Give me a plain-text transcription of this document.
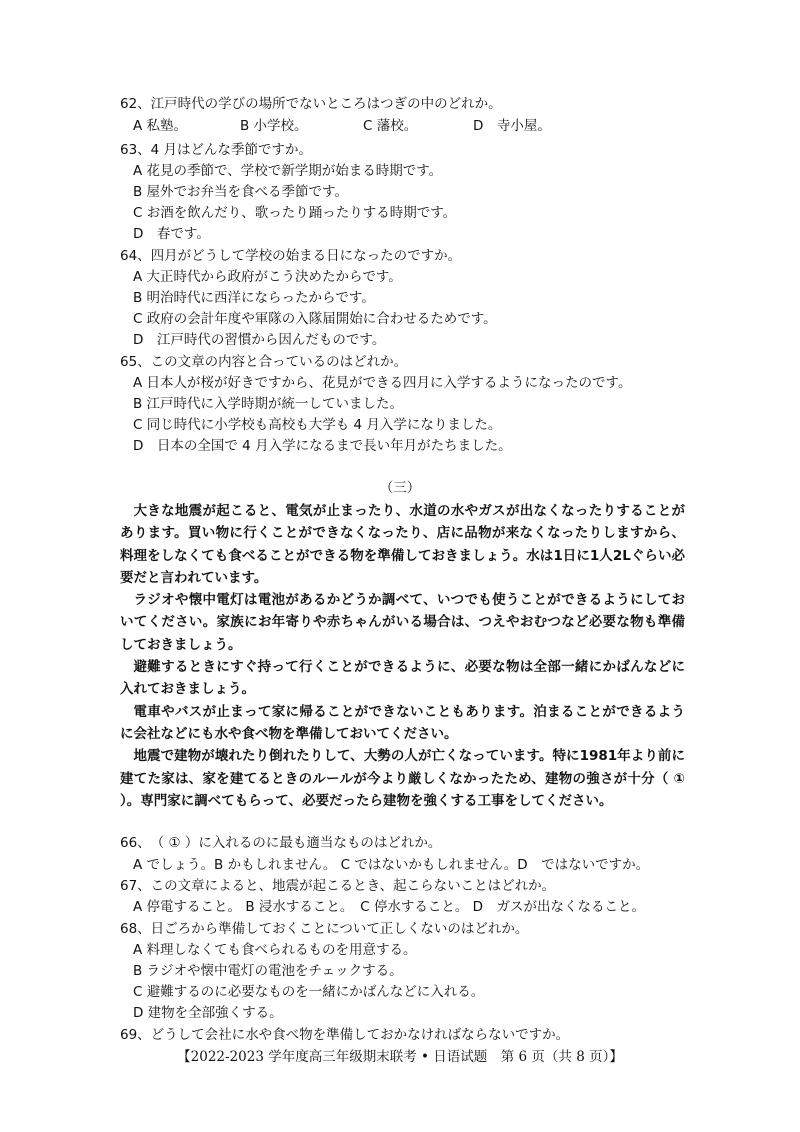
62、江戸時代の学びの場所でないところはつぎの中のどれか。
A 私塾。	B 小学校。	C 藩校。	D　寺小屋。
63、4 月はどんな季節ですか。
A 花見の季節で、学校で新学期が始まる時期です。
B 屋外でお弁当を食べる季節です。
C お酒を飲んだり、歌ったり踊ったりする時期です。
D　春です。
64、四月がどうして学校の始まる日になったのですか。
A 大正時代から政府がこう決めたからです。
B 明治時代に西洋にならったからです。
C 政府の会計年度や軍隊の入隊届開始に合わせるためです。
D　江戸時代の習慣から因んだものです。
65、この文章の内容と合っているのはどれか。
A 日本人が桜が好きですから、花見ができる四月に入学するようになったのです。
B 江戸時代に入学時期が統一していました。
C 同じ時代に小学校も高校も大学も 4 月入学になりました。
D　日本の全国で 4 月入学になるまで長い年月がたちました。
（三）

大きな地震が起こると、電気が止まったり、水道の水やガスが出なくなったりすることがあります。買い物に行くことができなくなったり、店に品物が来なくなったりしますから、料理をしなくても食べることができる物を準備しておきましょう。水は1日に1人2Lぐらい必要だと言われています。

ラジオや懐中電灯は電池があるかどうか調べて、いつでも使うことができるようにしておいてください。家族にお年寄りや赤ちゃんがいる場合は、つえやおむつなど必要な物も準備しておきましょう。

避難するときにすぐ持って行くことができるように、必要な物は全部一緒にかばんなどに入れておきましょう。

電車やバスが止まって家に帰ることができないこともあります。泊まることができるように会社などにも水や食べ物を準備しておいてください。

地震で建物が壊れたり倒れたりして、大勢の人が亡くなっています。特に1981年より前に建てた家は、家を建てるときのルールが今より厳しくなかったため、建物の強さが十分（ ① ）。専門家に調べてもらって、必要だったら建物を強くする工事をしてください。

66、　（ ① ）に入れるのに最も適当なものはどれか。
A でしょう。B かもしれません。 C ではないかもしれません。D　ではないですか。
67、この文章によると、地震が起こるとき、起こらないことはどれか。
A 停電すること。 B 浸水すること。　C 停水すること。 D　ガスが出なくなること。
68、日ごろから準備しておくことについて正しくないのはどれか。
A 料理しなくても食べられるものを用意する。
B ラジオや懐中電灯の電池をチェックする。
C 避難するのに必要なものを一緒にかばんなどに入れる。
D 建物を全部強くする。
69、どうして会社に水や食べ物を準備しておかなければならないですか。
【2022-2023 学年度高三年级期末联考 • 日语试题　第 6 页（共 8 页）】
